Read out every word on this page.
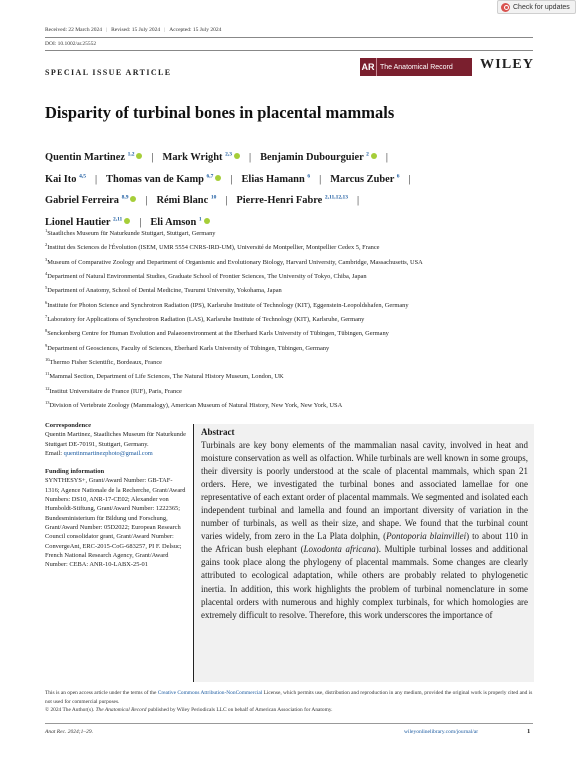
Check for updates
Received: 22 March 2024 | Revised: 15 July 2024 | Accepted: 15 July 2024
DOI: 10.1002/ar.25552
SPECIAL ISSUE ARTICLE
AR The Anatomical Record WILEY
Disparity of turbinal bones in placental mammals
Quentin Martinez $^{1,2}$ | Mark Wright $^{2,3}$ | Benjamin Dubourguier $^2$ |
Kai Ito $^{4,5}$ | Thomas van de Kamp $^{6,7}$ | Elias Hamann $^6$ | Marcus Zuber $^6$ |
Gabriel Ferreira $^{8,9}$ | Rémi Blanc $^{10}$ | Pierre-Henri Fabre $^{2,11,12,13}$ |
Lionel Hautier $^{2,11}$ | Eli Amson $^1$
$^1$Staatliches Museum für Naturkunde Stuttgart, Stuttgart, Germany
$^2$Institut des Sciences de l'Évolution (ISEM, UMR 5554 CNRS-IRD-UM), Université de Montpellier, Montpellier Cedex 5, France
$^3$Museum of Comparative Zoology and Department of Organismic and Evolutionary Biology, Harvard University, Cambridge, Massachusetts, USA
$^4$Department of Natural Environmental Studies, Graduate School of Frontier Sciences, The University of Tokyo, Chiba, Japan
$^5$Department of Anatomy, School of Dental Medicine, Tsurumi University, Yokohama, Japan
$^6$Institute for Photon Science and Synchrotron Radiation (IPS), Karlsruhe Institute of Technology (KIT), Eggenstein-Leopoldshafen, Germany
$^7$Laboratory for Applications of Synchrotron Radiation (LAS), Karlsruhe Institute of Technology (KIT), Karlsruhe, Germany
$^8$Senckenberg Centre for Human Evolution and Palaeoenvironment at the Eberhard Karls University of Tübingen, Tübingen, Germany
$^9$Department of Geosciences, Faculty of Sciences, Eberhard Karls University of Tübingen, Tübingen, Germany
$^{10}$Thermo Fisher Scientific, Bordeaux, France
$^{11}$Mammal Section, Department of Life Sciences, The Natural History Museum, London, UK
$^{12}$Institut Universitaire de France (IUF), Paris, France
$^{13}$Division of Vertebrate Zoology (Mammalogy), American Museum of Natural History, New York, New York, USA
Correspondence

Quentin Martinez, Staatliches Museum für Naturkunde Stuttgart DE-70191, Stuttgart, Germany.

Email: quentinmartinezphoto@gmail.com

Funding information

SYNTHESYS+, Grant/Award Number: GB-TAF-1316; Agence Nationale de la Recherche, Grant/Award Numbers: DS10, ANR-17-CE02; Alexander von Humboldt-Stiftung, Grant/Award Number: 1222365; Bundesministerium für Bildung und Forschung, Grant/Award Number: 05D2022; European Research Council consolidator grant, Grant/Award Number: ConvergeAnt, ERC-2015-CoG-683257, PI F. Delsuc; French National Research Agency, Grant/Award Number: CEBA: ANR-10-LABX-25-01

Abstract

Turbinals are key bony elements of the mammalian nasal cavity, involved in heat and moisture conservation as well as olfaction. While turbinals are well known in some groups, their diversity is poorly understood at the scale of placental mammals, which span 21 orders. Here, we investigated the turbinal bones and associated lamellae for one representative of each extant order of placental mammals. We segmented and isolated each independent turbinal and lamella and found an important diversity of variation in the number of turbinals, as well as their size, and shape. We found that the turbinal count varies widely, from zero in the La Plata dolphin, (Pontoporia blainvillei) to about 110 in the African bush elephant (Loxodonta africana). Multiple turbinal losses and additional gains took place along the phylogeny of placental mammals. Some changes are clearly attributed to ecological adaptation, while others are probably related to phylogenetic inertia. In addition, this work highlights the problem of turbinal nomenclature in some placental orders with numerous and highly complex turbinals, for which homologies are extremely difficult to resolve. Therefore, this work underscores the importance of

This is an open access article under the terms of the Creative Commons Attribution-NonCommercial License, which permits use, distribution and reproduction in any medium, provided the original work is properly cited and is not used for commercial purposes.
© 2024 The Author(s). The Anatomical Record published by Wiley Periodicals LLC on behalf of American Association for Anatomy.
Anat Rec. 2024;1–29.	wileyonlinelibrary.com/journal/ar	1
